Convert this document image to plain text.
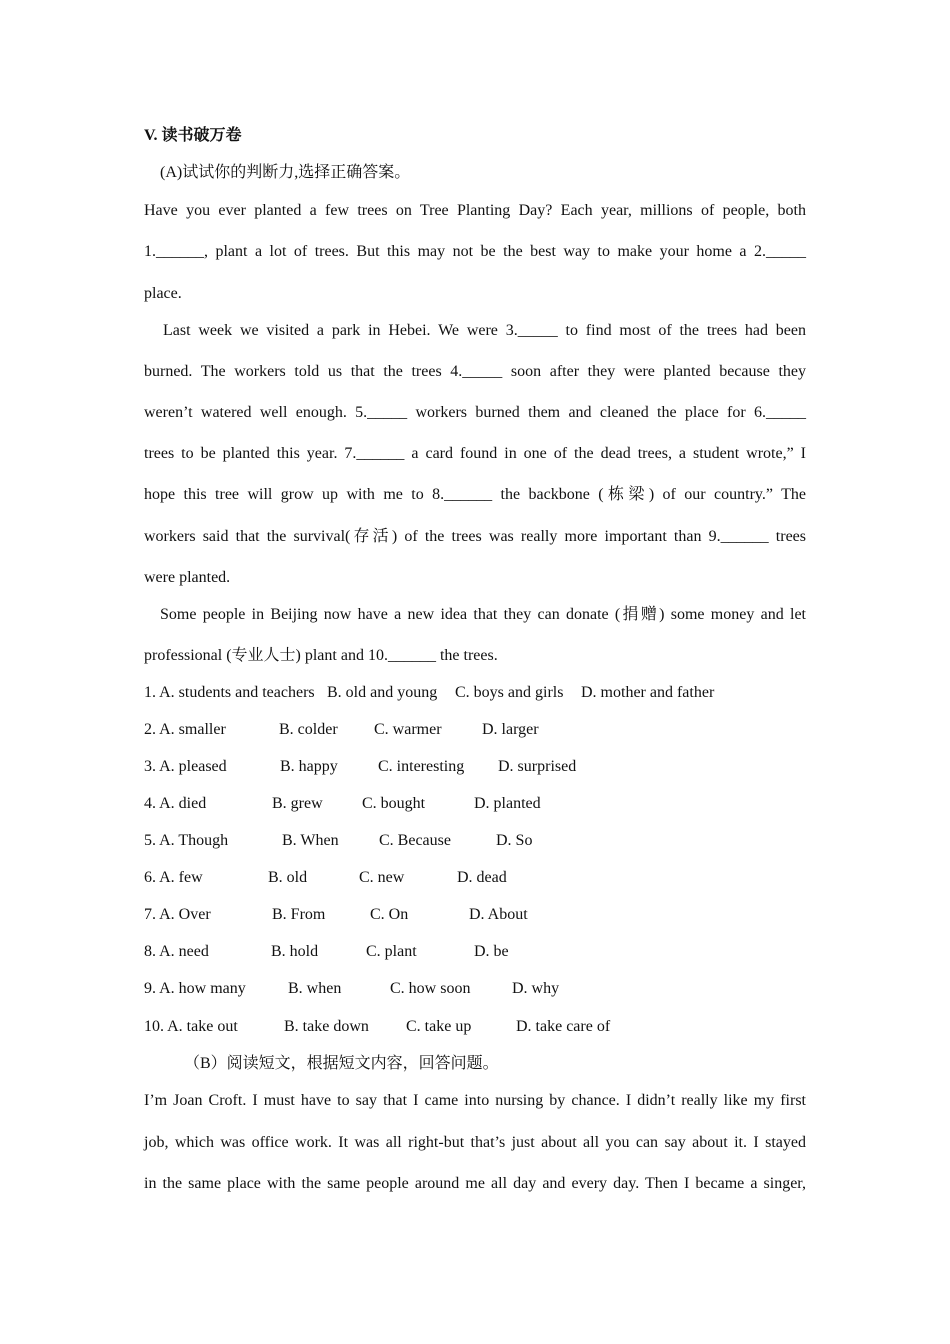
V. 读书破万卷
(A)试试你的判断力,选择正确答案。
Have you ever planted a few trees on Tree Planting Day? Each year, millions of people, both
1.______, plant a lot of trees. But this may not be the best way to make your home a 2._____
place.
Last week we visited a park in Hebei. We were 3._____ to find most of the trees had been
burned. The workers told us that the trees 4._____ soon after they were planted because they
weren’t watered well enough. 5._____ workers burned them and cleaned the place for 6._____
trees to be planted this year. 7.______ a card found in one of the dead trees, a student wrote,” I
hope this tree will grow up with me to 8.______ the backbone (栋梁) of our country.” The
workers said that the survival(存活) of the trees was really more important than 9.______ trees
were planted.
Some people in Beijing now have a new idea that they can donate (捐赠) some money and let
professional (专业人士) plant and 10.______ the trees.
1. A. students and teachers B. old and young C. boys and girls D. mother and father
2. A. smaller	B. colder C. warmer	D. larger
3. A. pleased	B. happy	C. interesting D. surprised
4. A. died	B. grew C. bought	D. planted
5. A. Though	B. When	C. Because	D. So
6. A. few	B. old	C. new	D. dead
7. A. Over	B. From	C. On	D. About
8. A. need	B. hold	C. plant	D. be
9. A. how many	B. when	C. how soon	D. why
10. A. take out	B. take down C. take up	D. take care of
（B）阅读短文，根据短文内容，回答问题。
I’m Joan Croft. I must have to say that I came into nursing by chance. I didn’t really like my first
job, which was office work. It was all right-but that’s just about all you can say about it. I stayed
in the same place with the same people around me all day and every day. Then I became a singer,
